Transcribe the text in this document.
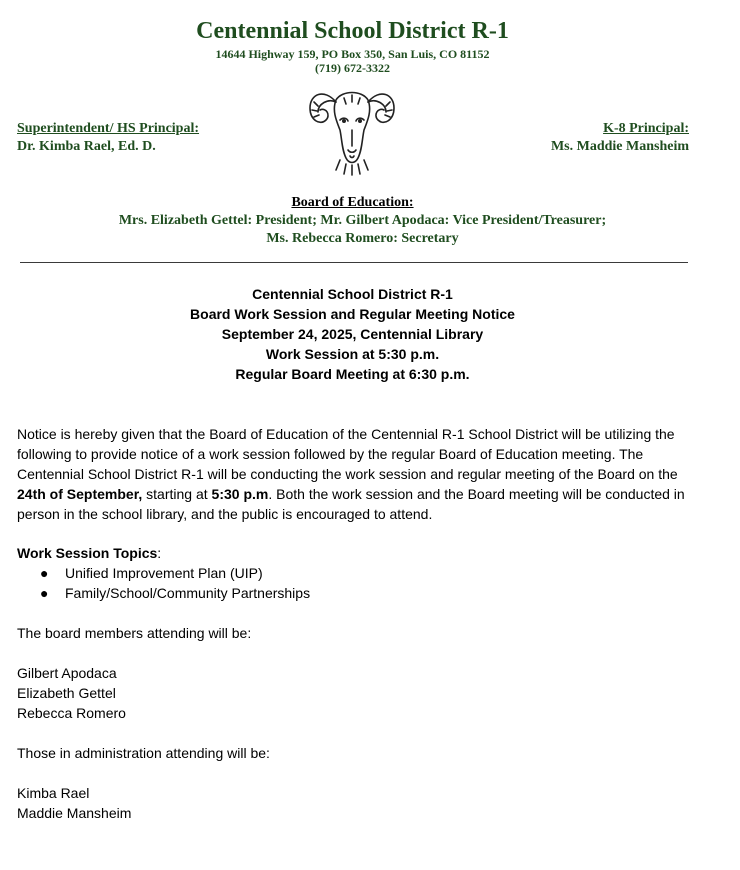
Centennial School District R-1
14644 Highway 159, PO Box 350, San Luis, CO 81152
(719) 672-3322
Superintendent/ HS Principal:
Dr. Kimba Rael, Ed. D.
K-8 Principal:
Ms. Maddie Mansheim
Board of Education:
Mrs. Elizabeth Gettel: President; Mr. Gilbert Apodaca: Vice President/Treasurer;
Ms. Rebecca Romero: Secretary
Centennial School District R-1
Board Work Session and Regular Meeting Notice
September 24, 2025, Centennial Library
Work Session at 5:30 p.m.
Regular Board Meeting at 6:30 p.m.
Notice is hereby given that the Board of Education of the Centennial R-1 School District will be utilizing the following to provide notice of a work session followed by the regular Board of Education meeting. The Centennial School District R-1 will be conducting the work session and regular meeting of the Board on the 24th of September, starting at 5:30 p.m. Both the work session and the Board meeting will be conducted in person in the school library, and the public is encouraged to attend.
Work Session Topics:
● Unified Improvement Plan (UIP)
● Family/School/Community Partnerships
The board members attending will be:
Gilbert Apodaca
Elizabeth Gettel
Rebecca Romero
Those in administration attending will be:
Kimba Rael
Maddie Mansheim
